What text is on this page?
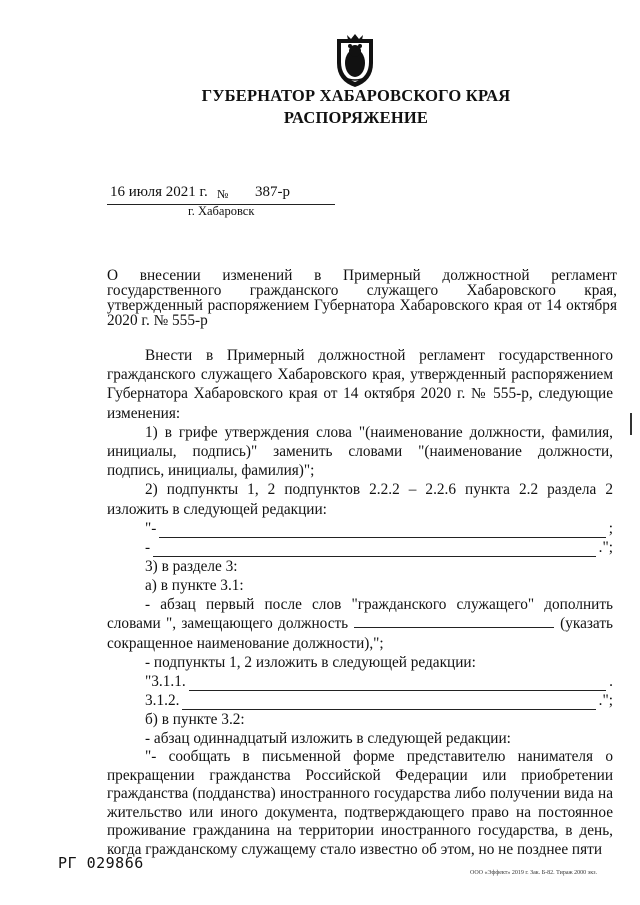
ГУБЕРНАТОР ХАБАРОВСКОГО КРАЯ
РАСПОРЯЖЕНИЕ
16 июля 2021 г. № 387-р
г. Хабаровск
О внесении изменений в Примерный должностной регламент государственного гражданского служащего Хабаровского края, утвержденный распоряжением Губернатора Хабаровского края от 14 октября 2020 г. № 555-р

Внести в Примерный должностной регламент государственного гражданского служащего Хабаровского края, утвержденный распоряжением Губернатора Хабаровского края от 14 октября 2020 г. № 555-р, следующие изменения:

1) в грифе утверждения слова "(наименование должности, фамилия, инициалы, подпись)" заменить словами "(наименование должности, подпись, инициалы, фамилия)";

2) подпункты 1, 2 подпунктов 2.2.2 – 2.2.6 пункта 2.2 раздела 2 изложить в следующей редакции:

"-	;
-	.";

3) в разделе 3:

а) в пункте 3.1:

- абзац первый после слов "гражданского служащего" дополнить словами ", замещающего должность	(указать сокращенное наименование должности),";

- подпункты 1, 2 изложить в следующей редакции:

"3.1.1.	.
3.1.2.	.";

б) в пункте 3.2:

- абзац одиннадцатый изложить в следующей редакции:

"- сообщать в письменной форме представителю нанимателя о прекращении гражданства Российской Федерации или приобретении гражданства (подданства) иностранного государства либо получении вида на жительство или иного документа, подтверждающего право на постоянное проживание гражданина на территории иностранного государства, в день, когда гражданскому служащему стало известно об этом, но не позднее пяти

РГ 029866
ООО «Эффект» 2019 г. Зак. Б-82. Тираж 2000 экз.
